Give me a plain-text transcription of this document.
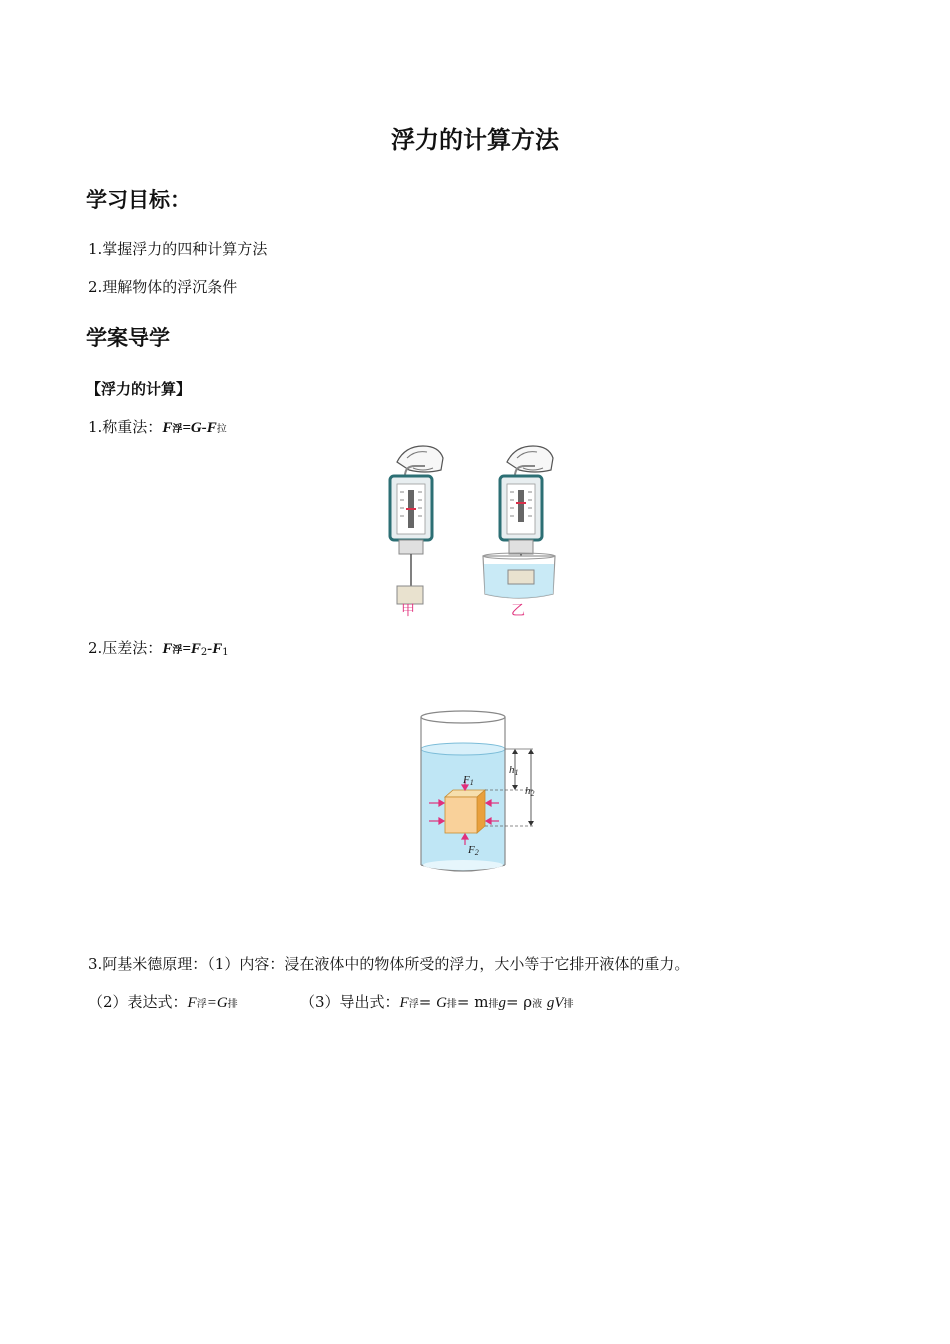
浮力的计算方法
学习目标：
1.掌握浮力的四种计算方法
2.理解物体的浮沉条件
学案导学
【浮力的计算】
1.称重法：F浮=G-F拉
甲	乙
2.压差法：F浮$=F_2-F_1$
F1
F2
h1
h2
3.阿基米德原理：（1）内容：浸在液体中的物体所受的浮力，大小等于它排开液体的重力。
（2）表达式：F浮=G排	（3）导出式：F浮= G排= m排g= ρ液 gV排
